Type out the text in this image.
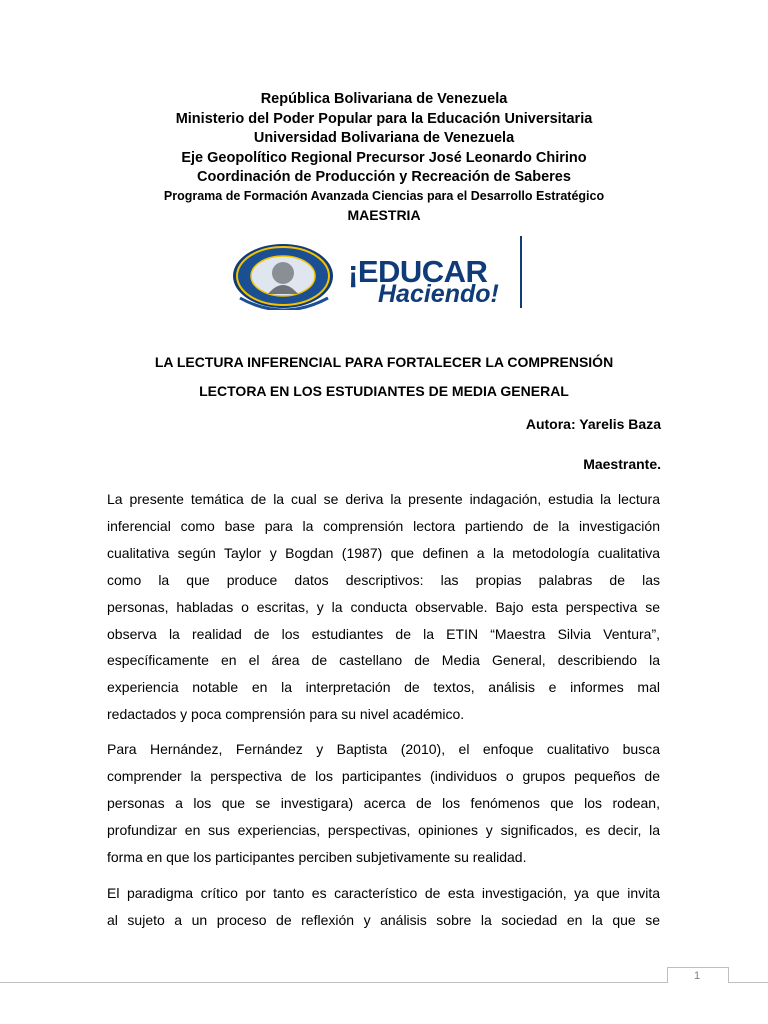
República Bolivariana de Venezuela
Ministerio del Poder Popular para la Educación Universitaria
Universidad Bolivariana de Venezuela
Eje Geopolítico Regional Precursor José Leonardo Chirino
Coordinación de Producción y Recreación de Saberes
Programa de Formación Avanzada Ciencias para el Desarrollo Estratégico
MAESTRIA
¡EDUCAR
Haciendo!
LA LECTURA INFERENCIAL PARA FORTALECER LA COMPRENSIÓN
LECTORA EN LOS ESTUDIANTES DE MEDIA GENERAL
Autora: Yarelis Baza
Maestrante.
La presente temática de la cual se deriva la presente indagación, estudia la lectura
inferencial como base para la comprensión lectora partiendo de la investigación
cualitativa según Taylor y Bogdan (1987) que definen a la metodología cualitativa
como la que produce datos descriptivos: las propias palabras de las
personas, habladas o escritas, y la conducta observable. Bajo esta perspectiva se
observa la realidad de los estudiantes de la ETIN “Maestra Silvia Ventura”,
específicamente en el área de castellano de Media General, describiendo la
experiencia notable en la interpretación de textos, análisis e informes mal
redactados y poca comprensión para su nivel académico.
Para Hernández, Fernández y Baptista (2010), el enfoque cualitativo busca
comprender la perspectiva de los participantes (individuos o grupos pequeños de
personas a los que se investigara) acerca de los fenómenos que los rodean,
profundizar en sus experiencias, perspectivas, opiniones y significados, es decir, la
forma en que los participantes perciben subjetivamente su realidad.
El paradigma crítico por tanto es característico de esta investigación, ya que invita
al sujeto a un proceso de reflexión y análisis sobre la sociedad en la que se
1
